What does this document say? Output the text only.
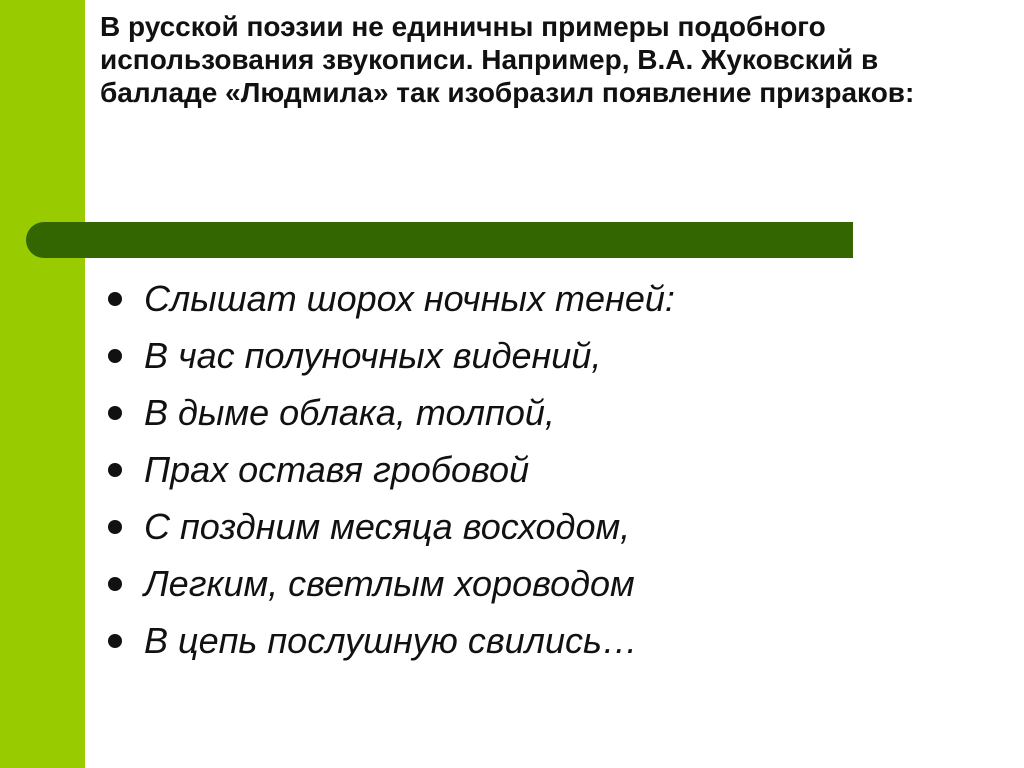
В русской поэзии не единичны примеры подобного использования звукописи. Например, В.А. Жуковский в балладе «Людмила» так изобразил появление призраков:

Слышат шорох ночных теней:
В час полуночных видений,
В дыме облака, толпой,
Прах оставя гробовой
С поздним месяца восходом,
Легким, светлым хороводом
В цепь послушную свились…
